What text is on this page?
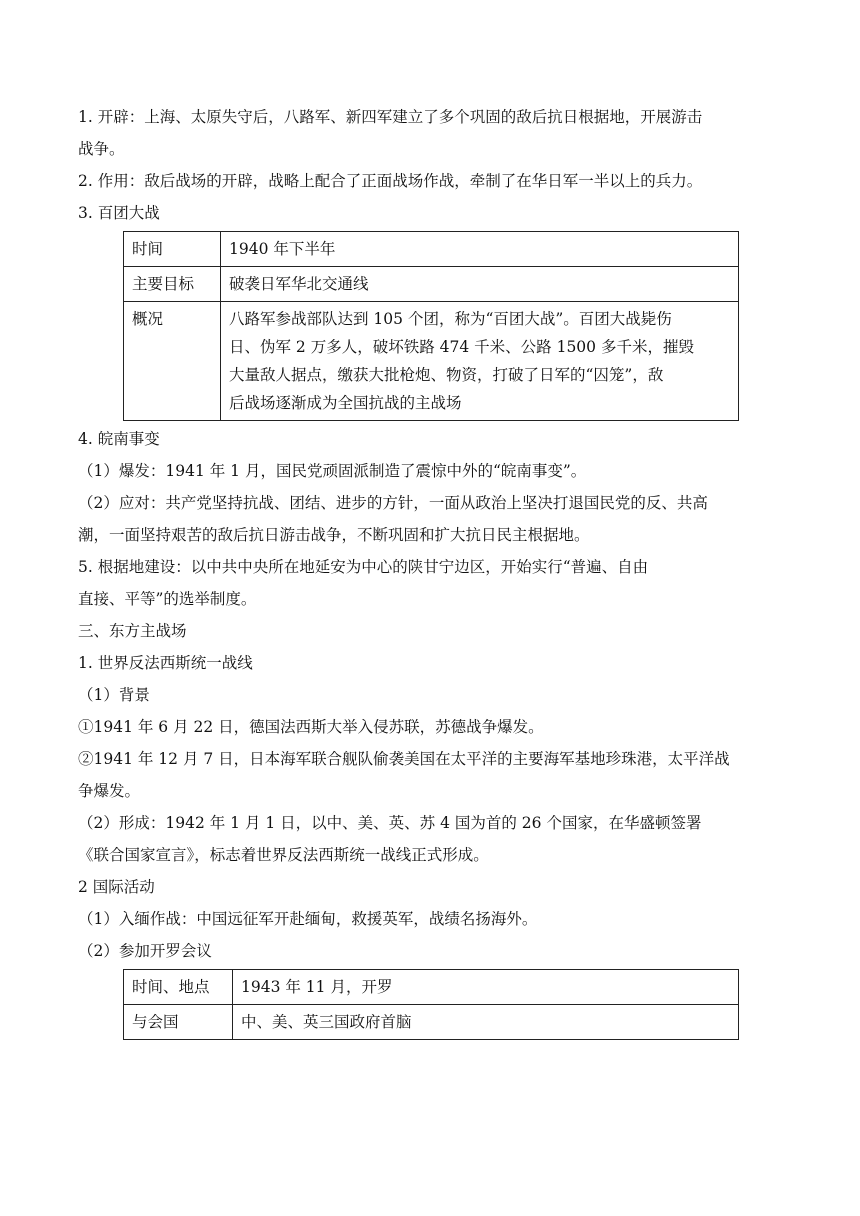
1. 开辟：上海、太原失守后，八路军、新四军建立了多个巩固的敌后抗日根据地，开展游击

战争。

2. 作用：敌后战场的开辟，战略上配合了正面战场作战，牵制了在华日军一半以上的兵力。

3. 百团大战

时间	1940 年下半年
主要目标	破袭日军华北交通线
概况	八路军参战部队达到 105 个团，称为“百团大战”。百团大战毙伤
日、伪军 2 万多人，破坏铁路 474 千米、公路 1500 多千米，摧毁
大量敌人据点，缴获大批枪炮、物资，打破了日军的“囚笼”，敌
后战场逐渐成为全国抗战的主战场

4. 皖南事变

（1）爆发：1941 年 1 月，国民党顽固派制造了震惊中外的“皖南事变”。

（2）应对：共产党坚持抗战、团结、进步的方针，一面从政治上坚决打退国民党的反、共高

潮，一面坚持艰苦的敌后抗日游击战争，不断巩固和扩大抗日民主根据地。

5. 根据地建设：以中共中央所在地延安为中心的陕甘宁边区，开始实行“普遍、自由

直接、平等”的选举制度。

三、东方主战场

1. 世界反法西斯统一战线

（1）背景

①1941 年 6 月 22 日，德国法西斯大举入侵苏联，苏德战争爆发。

②1941 年 12 月 7 日，日本海军联合舰队偷袭美国在太平洋的主要海军基地珍珠港，太平洋战

争爆发。

（2）形成：1942 年 1 月 1 日，以中、美、英、苏 4 国为首的 26 个国家，在华盛顿签署

《联合国家宣言》，标志着世界反法西斯统一战线正式形成。

2 国际活动

（1）入缅作战：中国远征军开赴缅甸，救援英军，战绩名扬海外。

（2）参加开罗会议

时间、地点	1943 年 11 月，开罗
与会国	中、美、英三国政府首脑
